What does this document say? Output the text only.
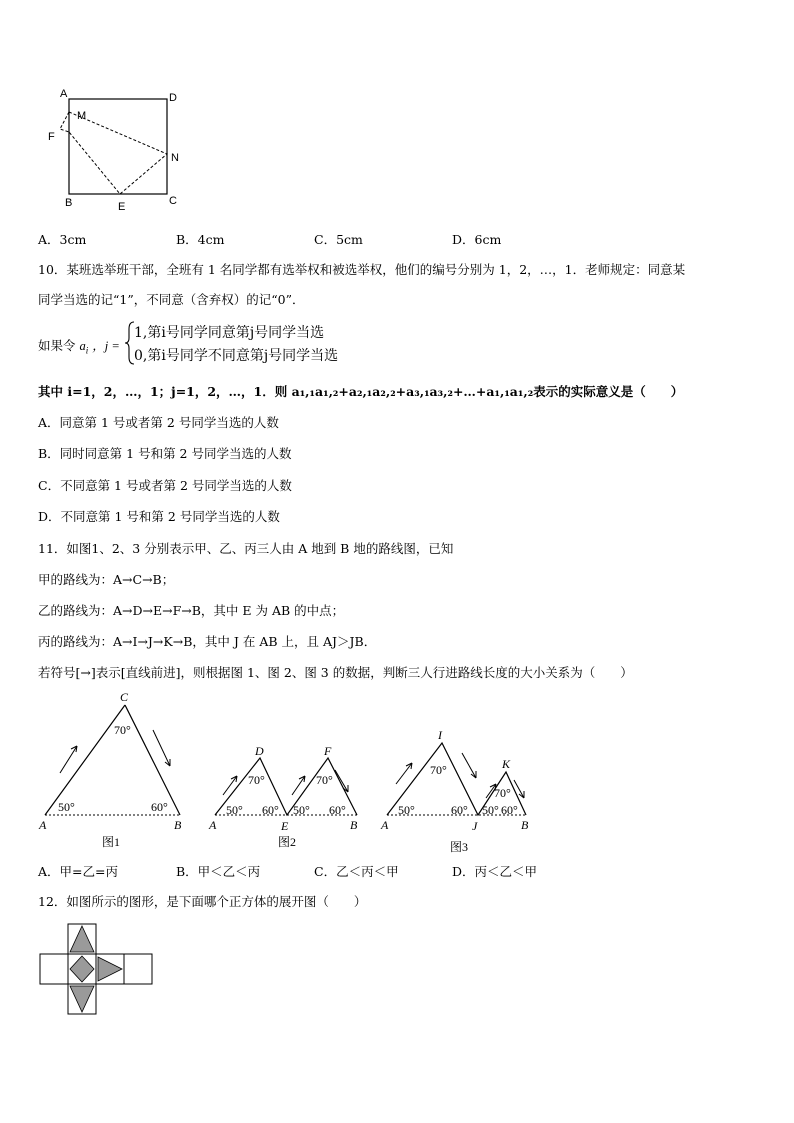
A	D
M
F
N
B	E	C
A．3cm	B．4cm	C．5cm	D．6cm
10．某班选举班干部，全班有 1 名同学都有选举权和被选举权，他们的编号分别为 1，2，…，1．老师规定：同意某
同学当选的记“1”，不同意（含弃权）的记“0”．
如果令 $a_i$ ，j =
1,第i号同学同意第j号同学当选
0,第i号同学不同意第j号同学当选
其中 i=1，2，…，1；j=1，2，…，1．则 a₁,₁a₁,₂+a₂,₁a₂,₂+a₃,₁a₃,₂+…+a₁,₁a₁,₂表示的实际意义是（　　）
A．同意第 1 号或者第 2 号同学当选的人数
B．同时同意第 1 号和第 2 号同学当选的人数
C．不同意第 1 号或者第 2 号同学当选的人数
D．不同意第 1 号和第 2 号同学当选的人数
11．如图1、2、3 分别表示甲、乙、丙三人由 A 地到 B 地的路线图，已知
甲的路线为：A→C→B；
乙的路线为：A→D→E→F→B，其中 E 为 AB 的中点；
丙的路线为：A→I→J→K→B，其中 J 在 AB 上，且 AJ＞JB．
若符号[→]表示[直线前进]，则根据图 1、图 2、图 3 的数据，判断三人行进路线长度的大小关系为（　　）
C
70°
50°	60°
A	B
图1
D	F
70°	70°
50° 60° 50° 60°
A	E	B
图2
I
K
70°
70°
50°	60° 50° 60°
A	J	B
图3
A．甲=乙=丙	B．甲＜乙＜丙	C．乙＜丙＜甲	D．丙＜乙＜甲
12．如图所示的图形，是下面哪个正方体的展开图（　　）
